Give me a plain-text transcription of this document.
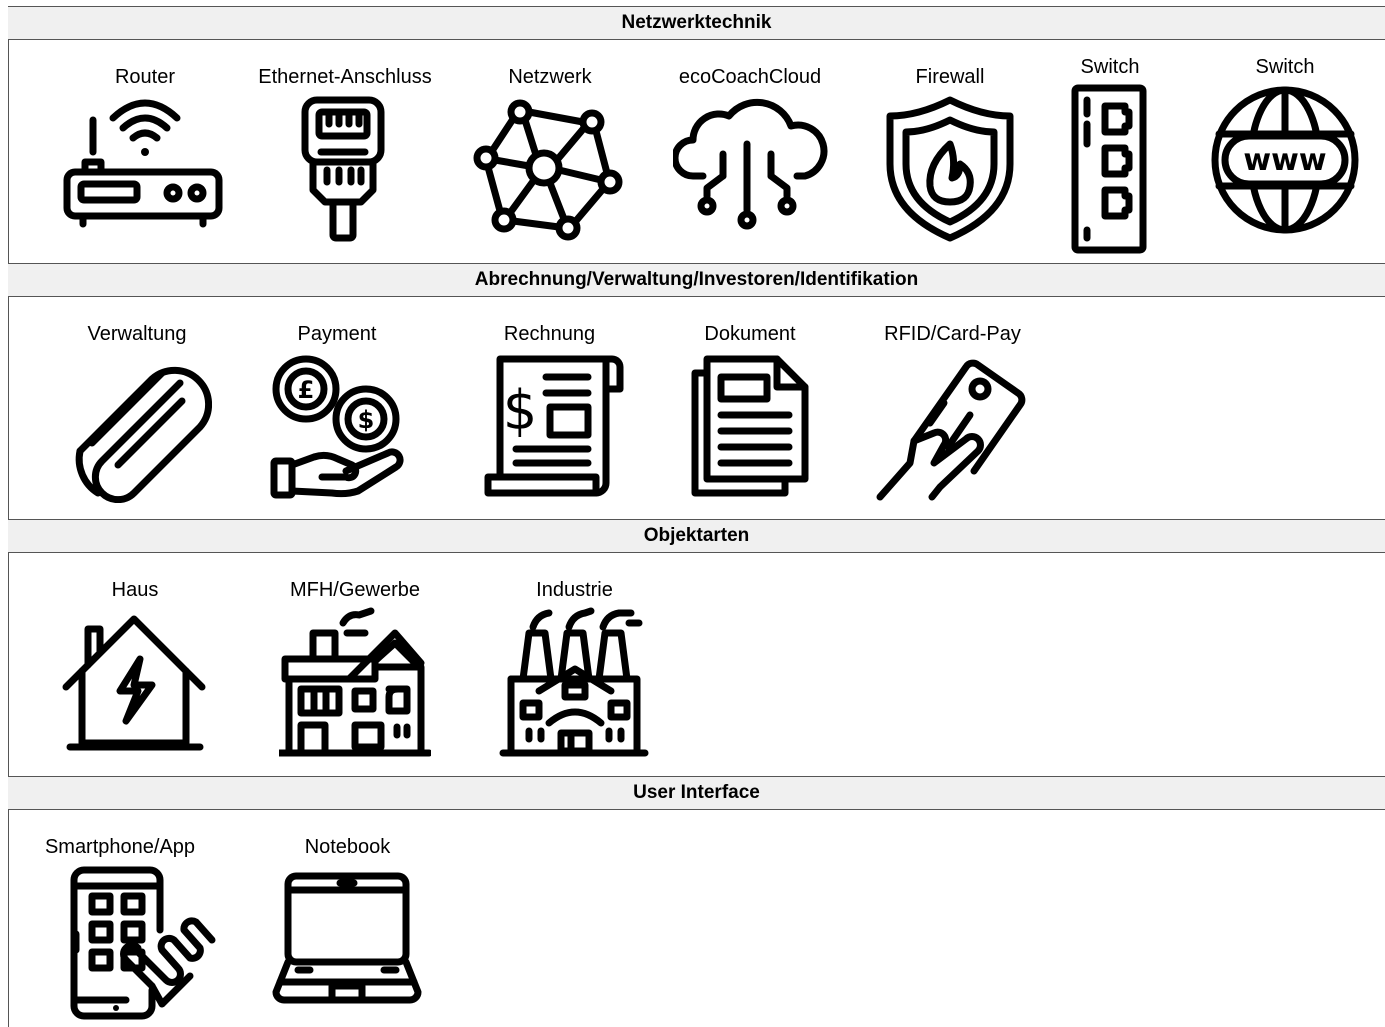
Netzwerktechnik
Router	Ethernet-Anschluss	Netzwerk	ecoCoachCloud	Firewall	Switch	Switch
www
Abrechnung/Verwaltung/Investoren/Identifikation
Verwaltung	Payment
£
$
Rechnung
$
Dokument	RFID/Card-Pay
Objektarten
Haus	MFH/Gewerbe	Industrie
User Interface
Smartphone/App	Notebook
